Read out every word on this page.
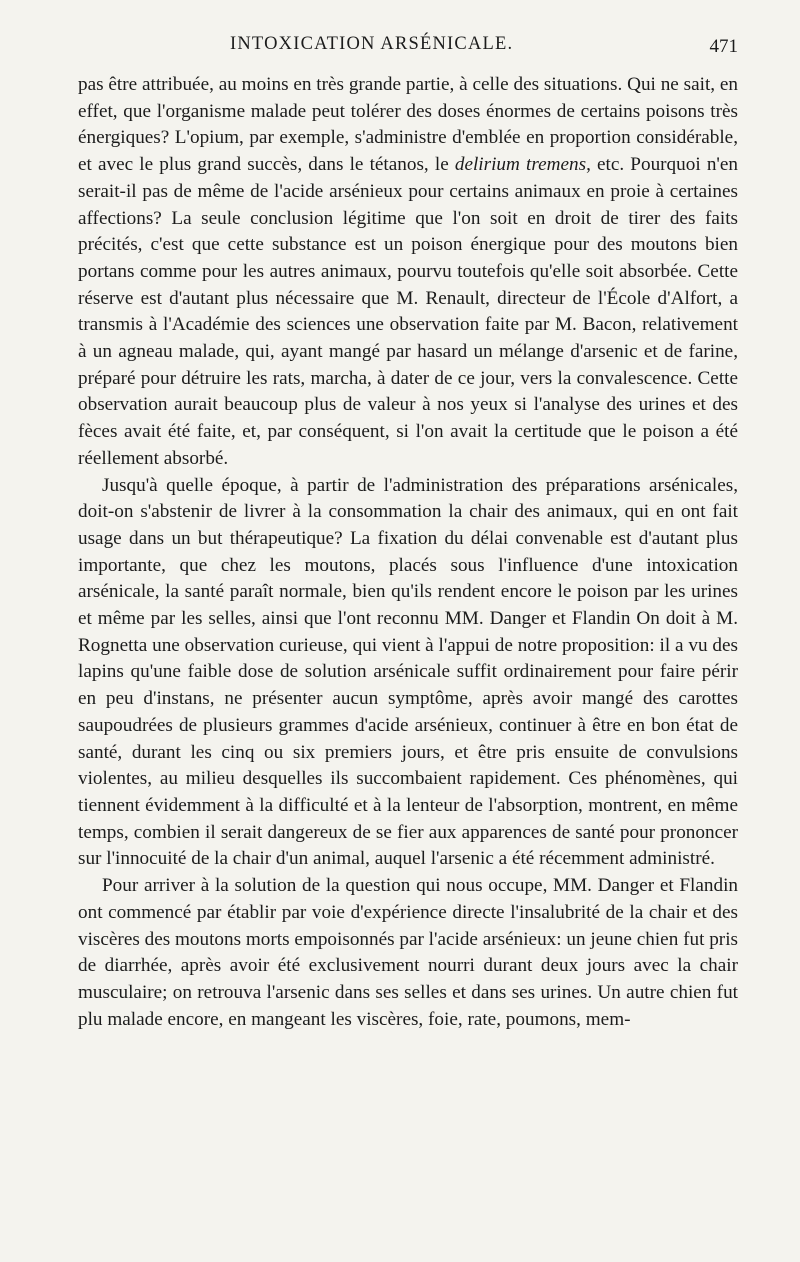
INTOXICATION ARSÉNICALE.	471

pas être attribuée, au moins en très grande partie, à celle des situations. Qui ne sait, en effet, que l'organisme malade peut tolérer des doses énormes de certains poisons très énergiques? L'opium, par exemple, s'administre d'emblée en proportion considérable, et avec le plus grand succès, dans le tétanos, le delirium tremens, etc. Pourquoi n'en serait-il pas de même de l'acide arsénieux pour certains animaux en proie à certaines affections? La seule conclusion légitime que l'on soit en droit de tirer des faits précités, c'est que cette substance est un poison énergique pour des moutons bien portans comme pour les autres animaux, pourvu toutefois qu'elle soit absorbée. Cette réserve est d'autant plus nécessaire que M. Renault, directeur de l'École d'Alfort, a transmis à l'Académie des sciences une observation faite par M. Bacon, relativement à un agneau malade, qui, ayant mangé par hasard un mélange d'arsenic et de farine, préparé pour détruire les rats, marcha, à dater de ce jour, vers la convalescence. Cette observation aurait beaucoup plus de valeur à nos yeux si l'analyse des urines et des fèces avait été faite, et, par conséquent, si l'on avait la certitude que le poison a été réellement absorbé.

Jusqu'à quelle époque, à partir de l'administration des préparations arsénicales, doit-on s'abstenir de livrer à la consommation la chair des animaux, qui en ont fait usage dans un but thérapeutique? La fixation du délai convenable est d'autant plus importante, que chez les moutons, placés sous l'influence d'une intoxication arsénicale, la santé paraît normale, bien qu'ils rendent encore le poison par les urines et même par les selles, ainsi que l'ont reconnu MM. Danger et Flandin On doit à M. Rognetta une observation curieuse, qui vient à l'appui de notre proposition: il a vu des lapins qu'une faible dose de solution arsénicale suffit ordinairement pour faire périr en peu d'instans, ne présenter aucun symptôme, après avoir mangé des carottes saupoudrées de plusieurs grammes d'acide arsénieux, continuer à être en bon état de santé, durant les cinq ou six premiers jours, et être pris ensuite de convulsions violentes, au milieu desquelles ils succombaient rapidement. Ces phénomènes, qui tiennent évidemment à la difficulté et à la lenteur de l'absorption, montrent, en même temps, combien il serait dangereux de se fier aux apparences de santé pour prononcer sur l'innocuité de la chair d'un animal, auquel l'arsenic a été récemment administré.

Pour arriver à la solution de la question qui nous occupe, MM. Danger et Flandin ont commencé par établir par voie d'expérience directe l'insalubrité de la chair et des viscères des moutons morts empoisonnés par l'acide arsénieux: un jeune chien fut pris de diarrhée, après avoir été exclusivement nourri durant deux jours avec la chair musculaire; on retrouva l'arsenic dans ses selles et dans ses urines. Un autre chien fut plu malade encore, en mangeant les viscères, foie, rate, poumons, mem-
